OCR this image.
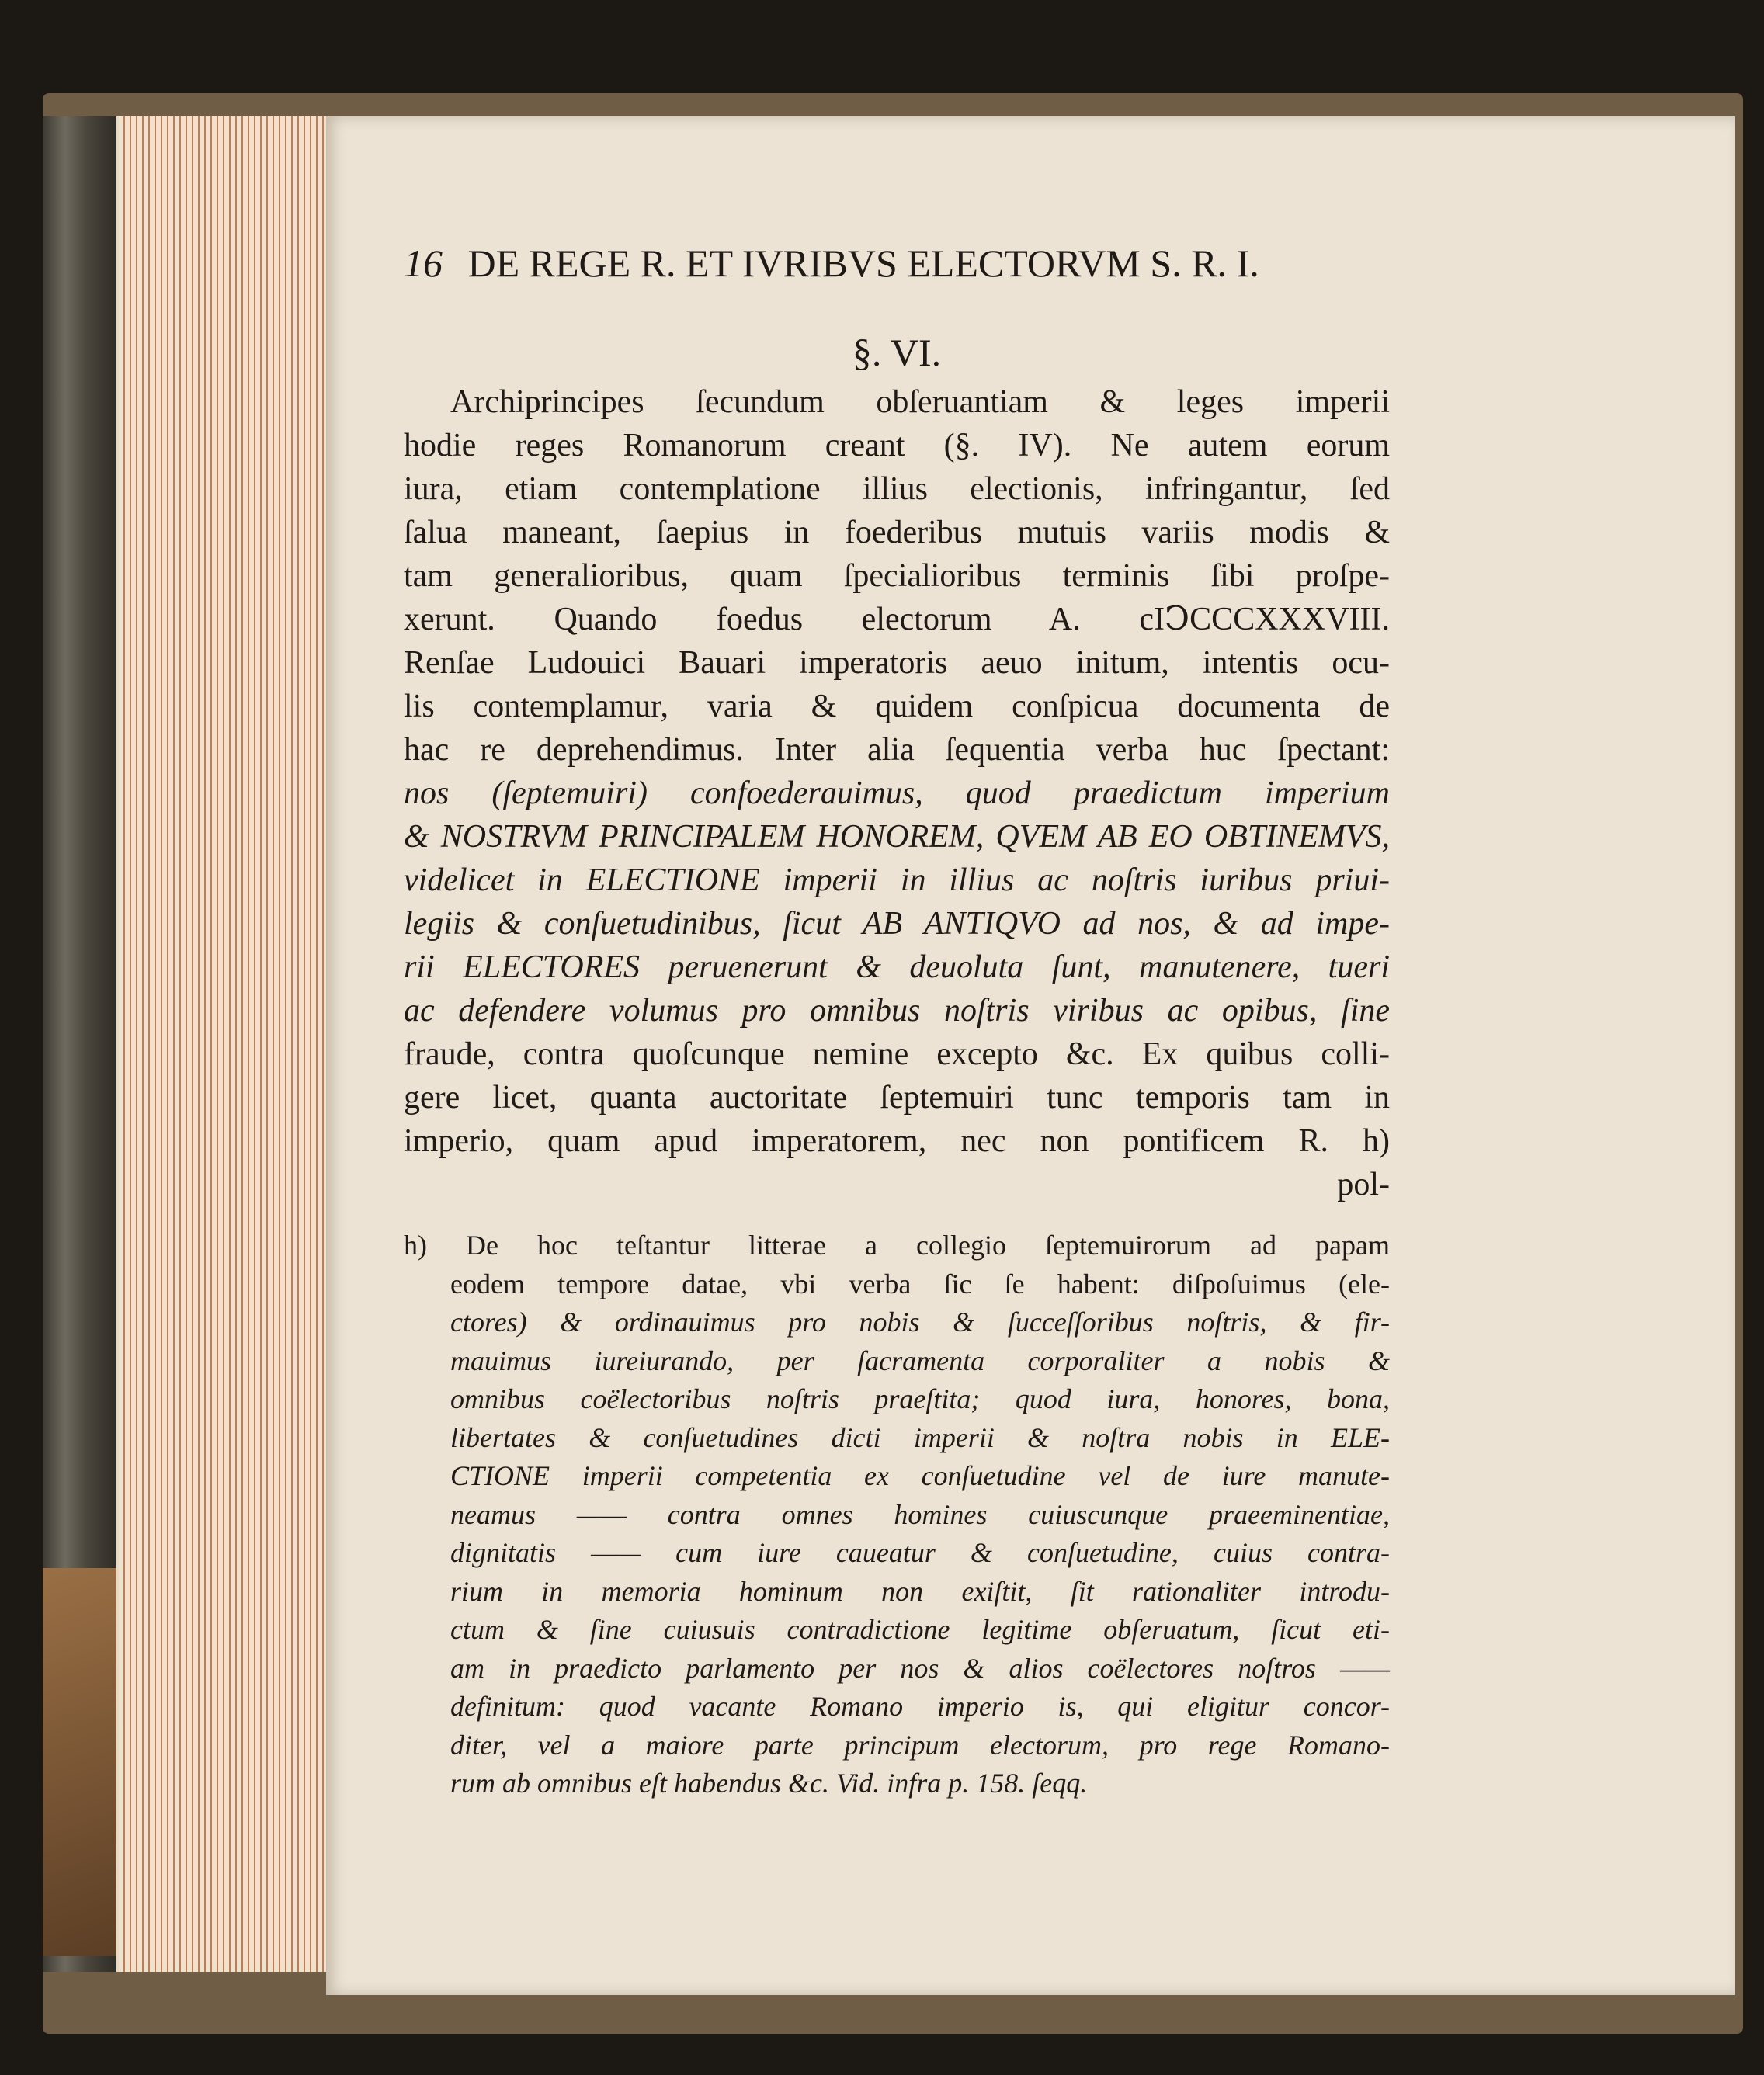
16 DE REGE R. ET IVRIBVS ELECTORVM S. R. I.
§. VI.
Archiprincipes ſecundum obſeruantiam & leges imperii
hodie reges Romanorum creant (§. IV). Ne autem eorum
iura, etiam contemplatione illius electionis, infringantur, ſed
ſalua maneant, ſaepius in foederibus mutuis variis modis &
tam generalioribus, quam ſpecialioribus terminis ſibi proſpe-
xerunt. Quando foedus electorum A. cIↃCCCXXXVIII.
Renſae Ludouici Bauari imperatoris aeuo initum, intentis ocu-
lis contemplamur, varia & quidem conſpicua documenta de
hac re deprehendimus. Inter alia ſequentia verba huc ſpectant:
nos (ſeptemuiri) confoederauimus, quod praedictum imperium
& NOSTRVM PRINCIPALEM HONOREM, QVEM AB EO OBTINEMVS,
videlicet in ELECTIONE imperii in illius ac noſtris iuribus priui-
legiis & conſuetudinibus, ſicut AB ANTIQVO ad nos, & ad impe-
rii ELECTORES peruenerunt & deuoluta ſunt, manutenere, tueri
ac defendere volumus pro omnibus noſtris viribus ac opibus, ſine
fraude, contra quoſcunque nemine excepto &c. Ex quibus colli-
gere licet, quanta auctoritate ſeptemuiri tunc temporis tam in
imperio, quam apud imperatorem, nec non pontificem R. h)
pol-
h) De hoc teſtantur litterae a collegio ſeptemuirorum ad papam
eodem tempore datae, vbi verba ſic ſe habent: diſpoſuimus (ele-
ctores) & ordinauimus pro nobis & ſucceſſoribus noſtris, & fir-
mauimus iureiurando, per ſacramenta corporaliter a nobis &
omnibus coëlectoribus noſtris praeſtita; quod iura, honores, bona,
libertates & conſuetudines dicti imperii & noſtra nobis in ELE-
CTIONE imperii competentia ex conſuetudine vel de iure manute-
neamus —— contra omnes homines cuiuscunque praeeminentiae,
dignitatis —— cum iure caueatur & conſuetudine, cuius contra-
rium in memoria hominum non exiſtit, ſit rationaliter introdu-
ctum & ſine cuiusuis contradictione legitime obſeruatum, ſicut eti-
am in praedicto parlamento per nos & alios coëlectores noſtros ——
definitum: quod vacante Romano imperio is, qui eligitur concor-
diter, vel a maiore parte principum electorum, pro rege Romano-
rum ab omnibus eſt habendus &c. Vid. infra p. 158. ſeqq.
